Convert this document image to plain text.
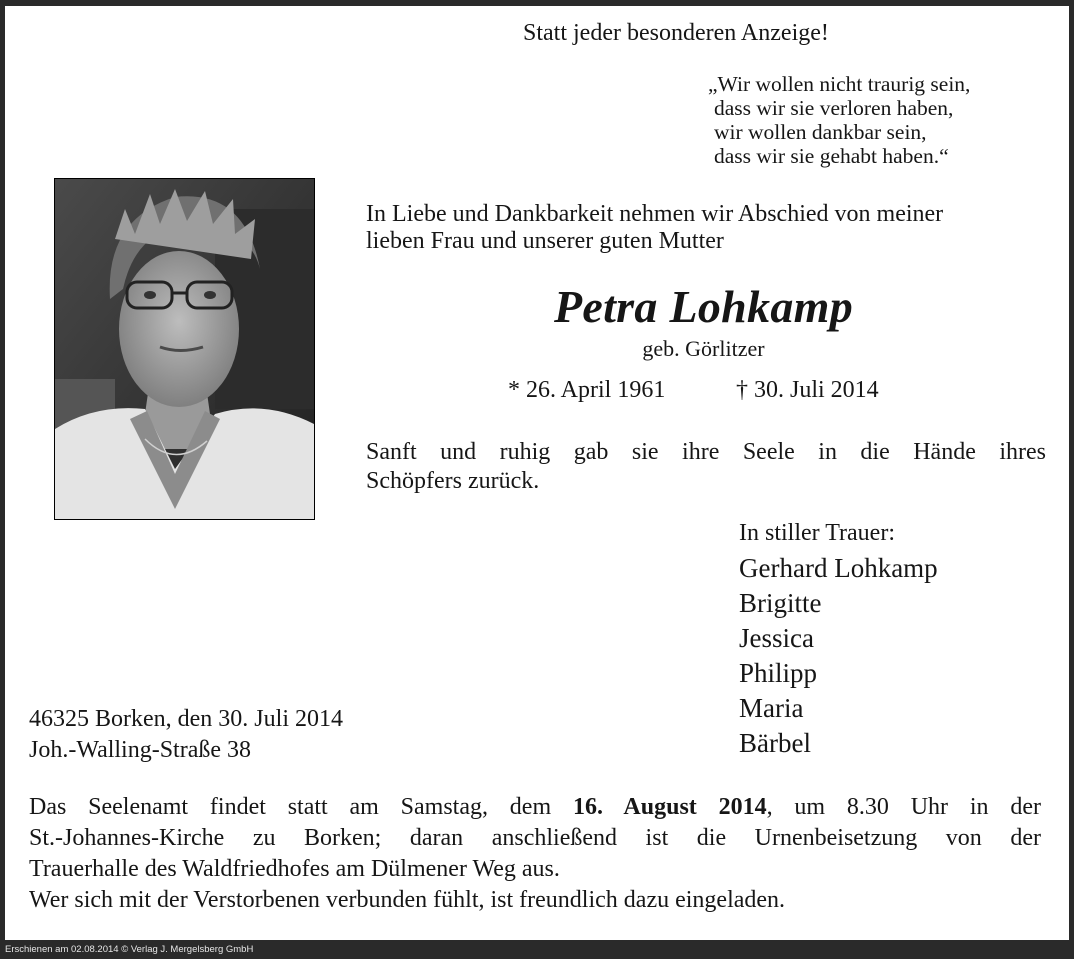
Statt jeder besonderen Anzeige!
„Wir wollen nicht traurig sein,
dass wir sie verloren haben,
wir wollen dankbar sein,
dass wir sie gehabt haben.“
In Liebe und Dankbarkeit nehmen wir Abschied von meiner
lieben Frau und unserer guten Mutter
Petra Lohkamp
geb. Görlitzer
* 26. April 1961	† 30. Juli 2014
Sanft und ruhig gab sie ihre Seele in die Hände ihres
Schöpfers zurück.
In stiller Trauer:
Gerhard Lohkamp
Brigitte
Jessica
Philipp
Maria
Bärbel
46325 Borken, den 30. Juli 2014
Joh.-Walling-Straße 38
Das Seelenamt findet statt am Samstag, dem 16. August 2014, um 8.30 Uhr in der
St.-Johannes-Kirche zu Borken; daran anschließend ist die Urnenbeisetzung von der
Trauerhalle des Waldfriedhofes am Dülmener Weg aus.
Wer sich mit der Verstorbenen verbunden fühlt, ist freundlich dazu eingeladen.
Erschienen am 02.08.2014 © Verlag J. Mergelsberg GmbH
